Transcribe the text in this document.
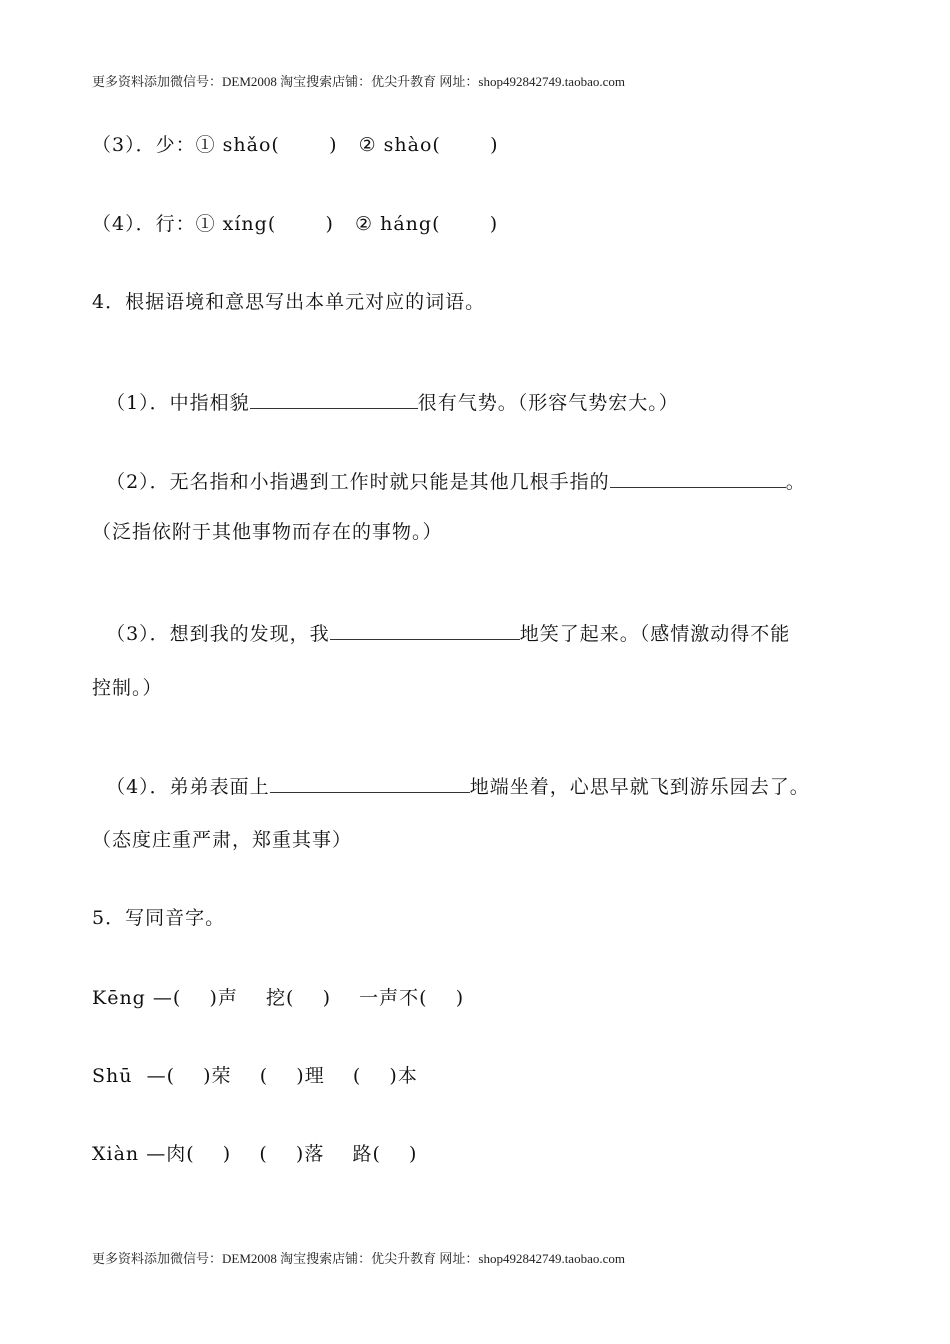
更多资料添加微信号：DEM2008 淘宝搜索店铺：优尖升教育 网址：shop492842749.taobao.com
（3）．少：① shǎo(       )   ② shào(       )
（4）．行：① xíng(       )   ② háng(       )
4．根据语境和意思写出本单元对应的词语。

（1）．中指相貌	很有气势。（形容气势宏大。）

（2）．无名指和小指遇到工作时就只能是其他几根手指的	。

（泛指依附于其他事物而存在的事物。）

（3）．想到我的发现，我	地笑了起来。（感情激动得不能

控制。）

（4）．弟弟表面上	地端坐着，心思早就飞到游乐园去了。

（态度庄重严肃，郑重其事）
5．写同音字。
Kēng —(    )声    挖(    )    一声不(    )
Shū  —(    )荣    (    )理    (    )本
Xiàn —肉(    )    (    )落    路(    )
更多资料添加微信号：DEM2008 淘宝搜索店铺：优尖升教育 网址：shop492842749.taobao.com
